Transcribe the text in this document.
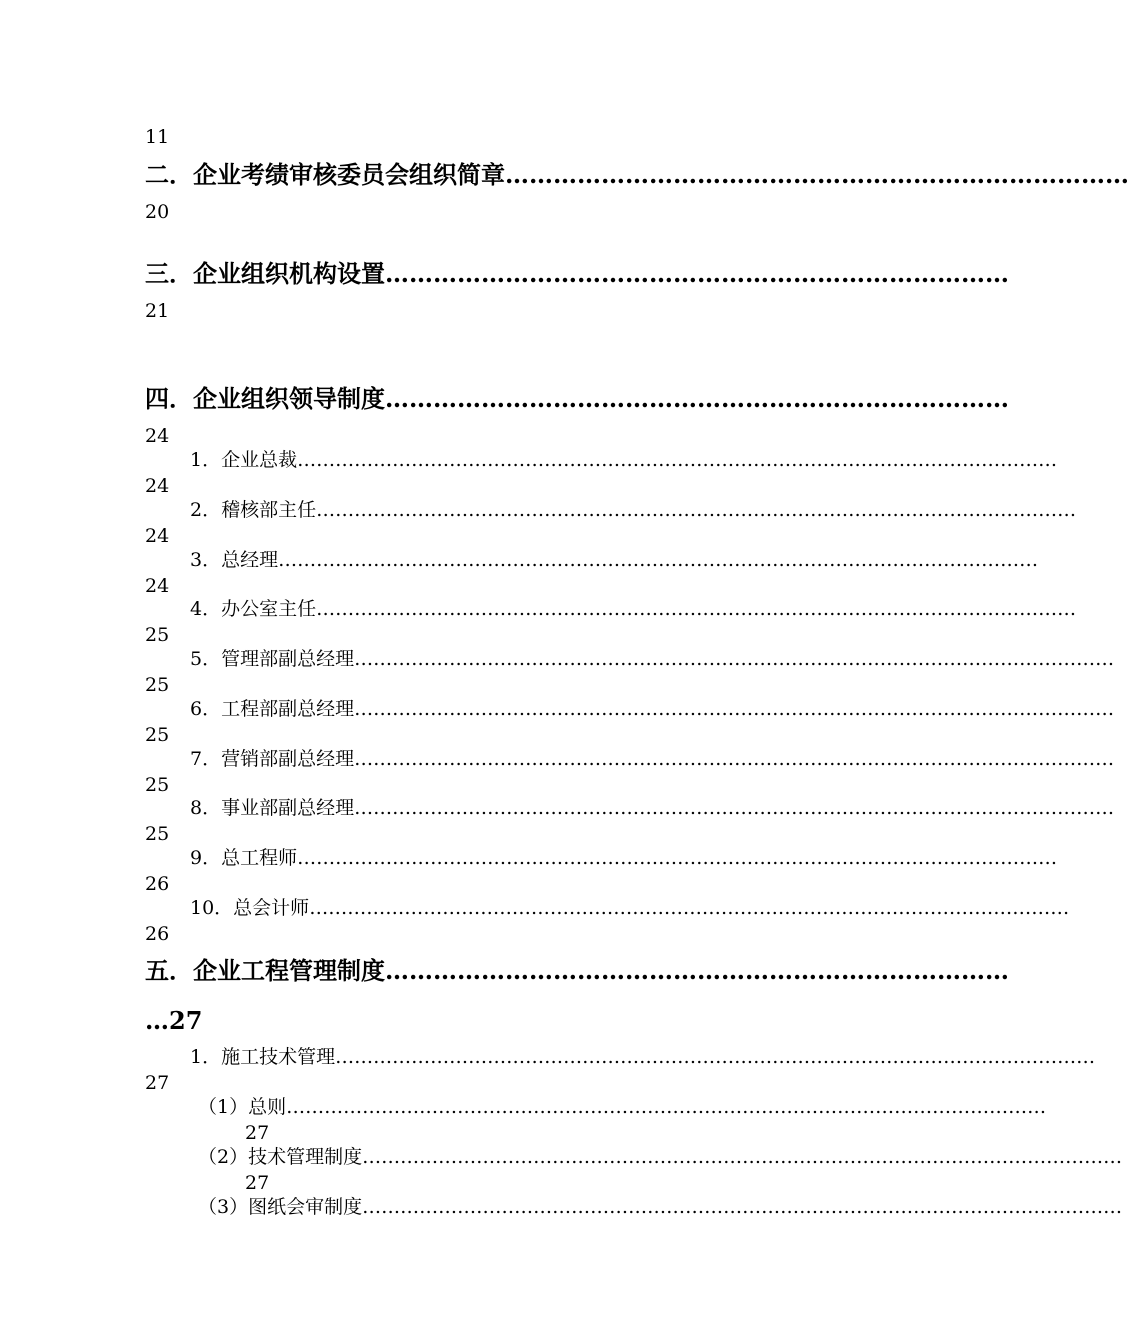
11
二．企业考绩审核委员会组织简章……………………………………………………………………
20
三．企业组织机构设置……………………………………………………………………
21
四．企业组织领导制度……………………………………………………………………
24
1．企业总裁…………………………………………………………………………………………………………
24
2．稽核部主任…………………………………………………………………………………………………………
24
3．总经理…………………………………………………………………………………………………………
24
4．办公室主任…………………………………………………………………………………………………………
25
5．管理部副总经理…………………………………………………………………………………………………………
25
6．工程部副总经理…………………………………………………………………………………………………………
25
7．营销部副总经理…………………………………………………………………………………………………………
25
8．事业部副总经理…………………………………………………………………………………………………………
25
9．总工程师…………………………………………………………………………………………………………
26
10．总会计师…………………………………………………………………………………………………………
26
五．企业工程管理制度……………………………………………………………………
…27
1．施工技术管理…………………………………………………………………………………………………………
27
（1）总则…………………………………………………………………………………………………………
27
（2）技术管理制度…………………………………………………………………………………………………………
27
（3）图纸会审制度…………………………………………………………………………………………………………
